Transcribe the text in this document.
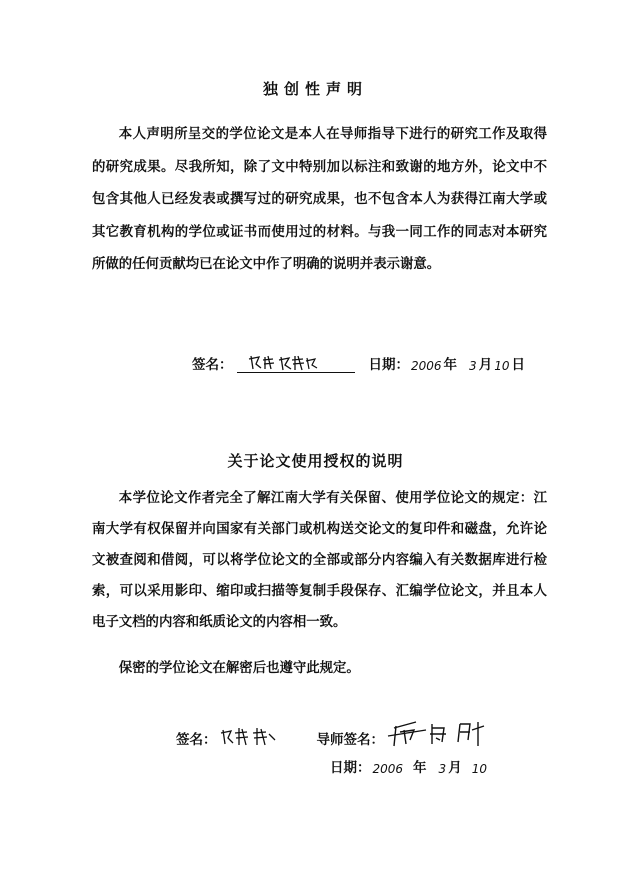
独创性声明

本人声明所呈交的学位论文是本人在导师指导下进行的研究工作及取得的研究成果。尽我所知，除了文中特别加以标注和致谢的地方外，论文中不包含其他人已经发表或撰写过的研究成果，也不包含本人为获得江南大学或其它教育机构的学位或证书而使用过的材料。与我一同工作的同志对本研究所做的任何贡献均已在论文中作了明确的说明并表示谢意。

签名：	日期： 2006 年 3 月 10 日
关于论文使用授权的说明

本学位论文作者完全了解江南大学有关保留、使用学位论文的规定：江南大学有权保留并向国家有关部门或机构送交论文的复印件和磁盘，允许论文被查阅和借阅，可以将学位论文的全部或部分内容编入有关数据库进行检索，可以采用影印、缩印或扫描等复制手段保存、汇编学位论文，并且本人电子文档的内容和纸质论文的内容相一致。

保密的学位论文在解密后也遵守此规定。

签名：	导师签名：
日期： 2006 年 3 月 10
